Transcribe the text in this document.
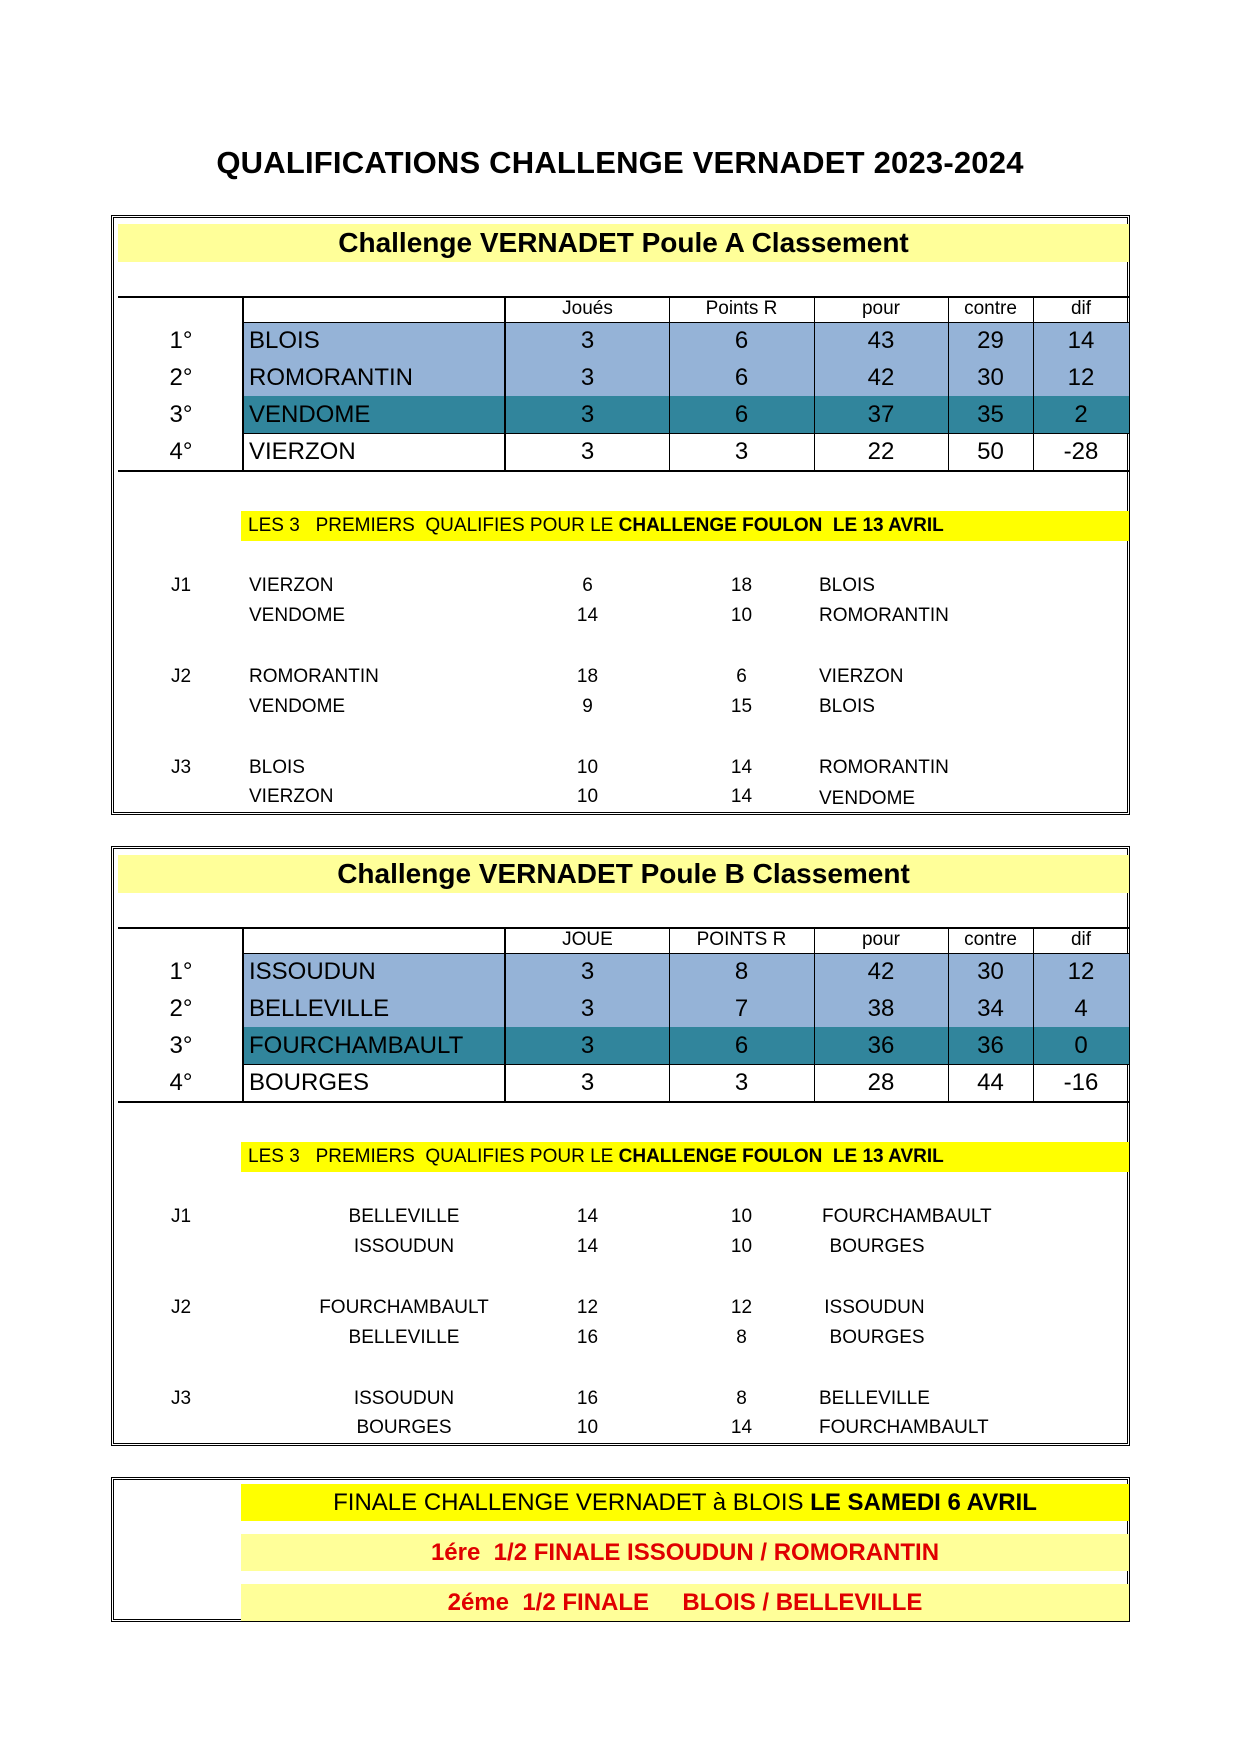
QUALIFICATIONS CHALLENGE VERNADET 2023-2024
Challenge VERNADET Poule A Classement
Joués	Points R	pour	contre	dif
1°	BLOIS	3	6	43	29	14
2°	ROMORANTIN	3	6	42	30	12
3°	VENDOME	3	6	37	35	2
4°	VIERZON	3	3	22	50	-28
LES 3   PREMIERS  QUALIFIES POUR LE CHALLENGE FOULON  LE 13 AVRIL
J1	VIERZON	6	18	BLOIS
VENDOME	14	10	ROMORANTIN
J2	ROMORANTIN	18	6	VIERZON
VENDOME	9	15	BLOIS
J3	BLOIS	10	14	ROMORANTIN
VIERZON	10	14	VENDOME
Challenge VERNADET Poule B Classement
JOUE	POINTS R	pour	contre	dif
1°	ISSOUDUN	3	8	42	30	12
2°	BELLEVILLE	3	7	38	34	4
3°	FOURCHAMBAULT	3	6	36	36	0
4°	BOURGES	3	3	28	44	-16
LES 3   PREMIERS  QUALIFIES POUR LE CHALLENGE FOULON  LE 13 AVRIL
J1	BELLEVILLE	14	10	FOURCHAMBAULT
ISSOUDUN	14	10	BOURGES
J2	FOURCHAMBAULT	12	12	ISSOUDUN
BELLEVILLE	16	8	BOURGES
J3	ISSOUDUN	16	8	BELLEVILLE
BOURGES	10	14	FOURCHAMBAULT
FINALE CHALLENGE VERNADET à BLOIS LE SAMEDI 6 AVRIL
1ére  1/2 FINALE ISSOUDUN / ROMORANTIN
2éme  1/2 FINALE     BLOIS / BELLEVILLE
